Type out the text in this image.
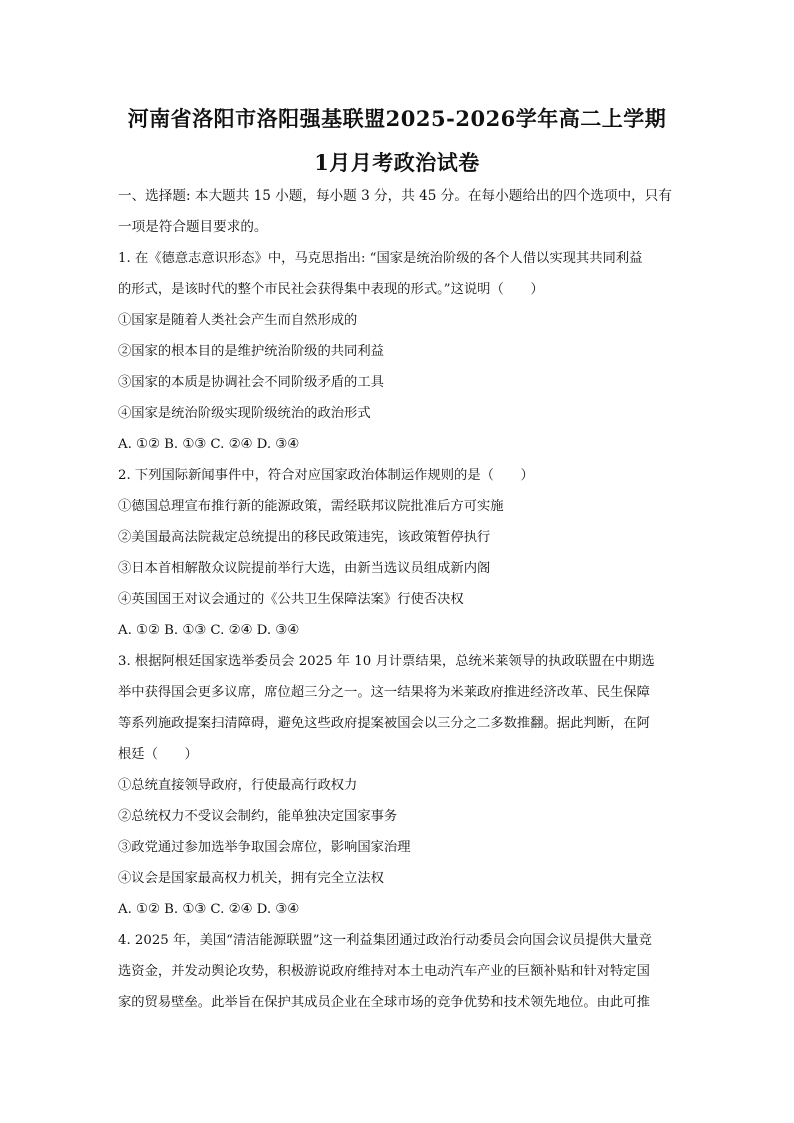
河南省洛阳市洛阳强基联盟2025-2026学年高二上学期
1月月考政治试卷

一、选择题: 本大题共 15 小题，每小题 3 分，共 45 分。在每小题给出的四个选项中，只有

一项是符合题目要求的。

1. 在《德意志意识形态》中，马克思指出: “国家是统治阶级的各个人借以实现其共同利益

的形式，是该时代的整个市民社会获得集中表现的形式。”这说明（　　）

①国家是随着人类社会产生而自然形成的

②国家的根本目的是维护统治阶级的共同利益

③国家的本质是协调社会不同阶级矛盾的工具

④国家是统治阶级实现阶级统治的政治形式

A. ①② B. ①③ C. ②④ D. ③④

2. 下列国际新闻事件中，符合对应国家政治体制运作规则的是（　　）

①德国总理宣布推行新的能源政策，需经联邦议院批准后方可实施

②美国最高法院裁定总统提出的移民政策违宪，该政策暂停执行

③日本首相解散众议院提前举行大选，由新当选议员组成新内阁

④英国国王对议会通过的《公共卫生保障法案》行使否决权

A. ①② B. ①③ C. ②④ D. ③④

3. 根据阿根廷国家选举委员会 2025 年 10 月计票结果，总统米莱领导的执政联盟在中期选

举中获得国会更多议席，席位超三分之一。这一结果将为米莱政府推进经济改革、民生保障

等系列施政提案扫清障碍，避免这些政府提案被国会以三分之二多数推翻。据此判断，在阿

根廷（　　）

①总统直接领导政府，行使最高行政权力

②总统权力不受议会制约，能单独决定国家事务

③政党通过参加选举争取国会席位，影响国家治理

④议会是国家最高权力机关，拥有完全立法权

A. ①② B. ①③ C. ②④ D. ③④

4. 2025 年，美国“清洁能源联盟”这一利益集团通过政治行动委员会向国会议员提供大量竞

选资金，并发动舆论攻势，积极游说政府维持对本土电动汽车产业的巨额补贴和针对特定国

家的贸易壁垒。此举旨在保护其成员企业在全球市场的竞争优势和技术领先地位。由此可推
